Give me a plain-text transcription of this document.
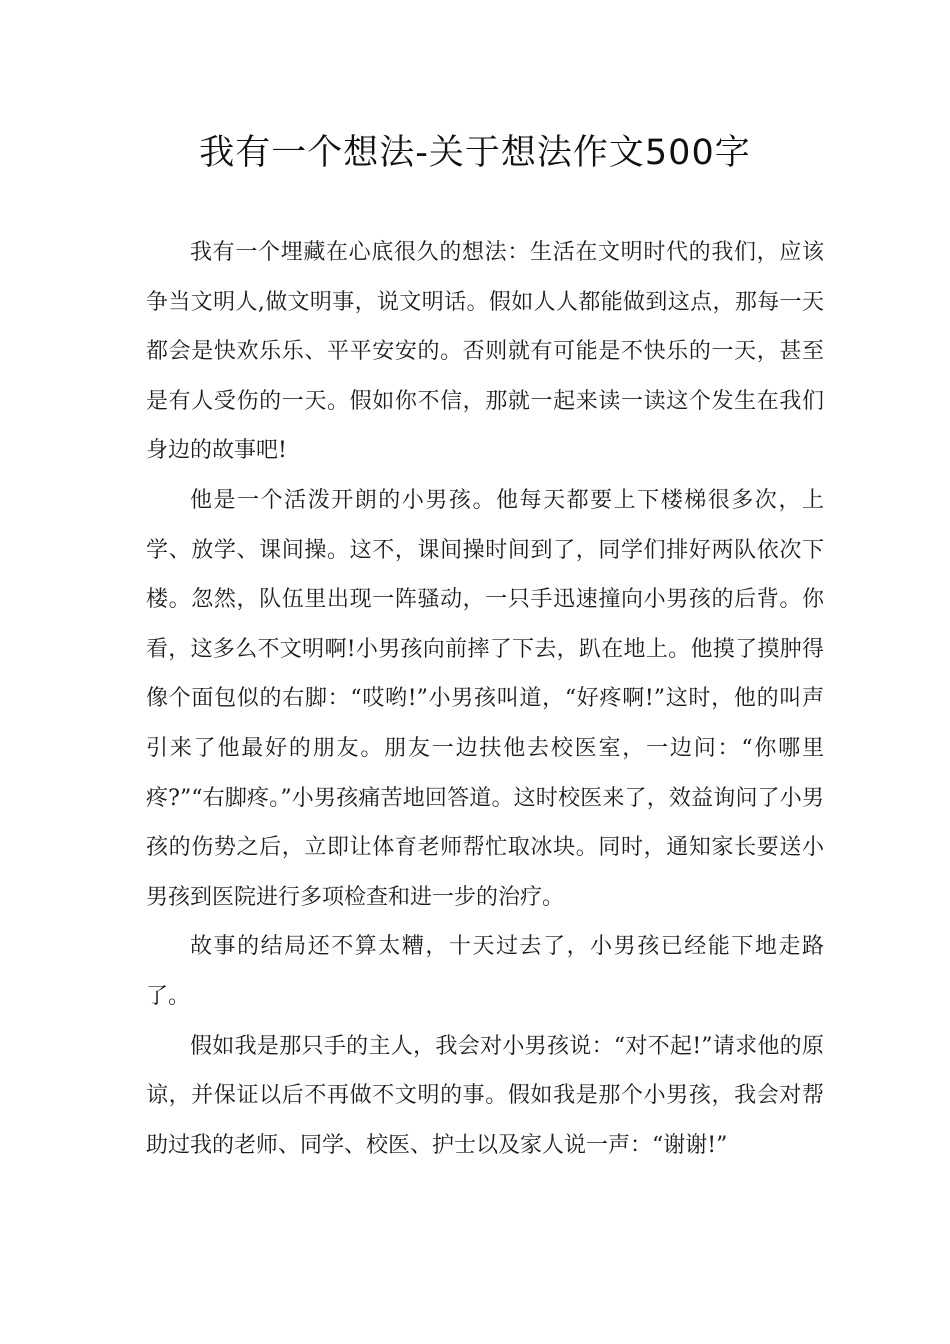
我有一个想法-关于想法作文500字

我有一个埋藏在心底很久的想法：生活在文明时代的我们，应该争当文明人,做文明事，说文明话。假如人人都能做到这点，那每一天都会是快欢乐乐、平平安安的。否则就有可能是不快乐的一天，甚至是有人受伤的一天。假如你不信，那就一起来读一读这个发生在我们身边的故事吧!

他是一个活泼开朗的小男孩。他每天都要上下楼梯很多次，上学、放学、课间操。这不，课间操时间到了，同学们排好两队依次下楼。忽然，队伍里出现一阵骚动，一只手迅速撞向小男孩的后背。你看，这多么不文明啊!小男孩向前摔了下去，趴在地上。他摸了摸肿得像个面包似的右脚：“哎哟!”小男孩叫道，“好疼啊!”这时，他的叫声引来了他最好的朋友。朋友一边扶他去校医室，一边问：“你哪里疼?”“右脚疼。”小男孩痛苦地回答道。这时校医来了，效益询问了小男孩的伤势之后，立即让体育老师帮忙取冰块。同时，通知家长要送小男孩到医院进行多项检查和进一步的治疗。

故事的结局还不算太糟，十天过去了，小男孩已经能下地走路了。

假如我是那只手的主人，我会对小男孩说：“对不起!”请求他的原谅，并保证以后不再做不文明的事。假如我是那个小男孩，我会对帮助过我的老师、同学、校医、护士以及家人说一声：“谢谢!”
